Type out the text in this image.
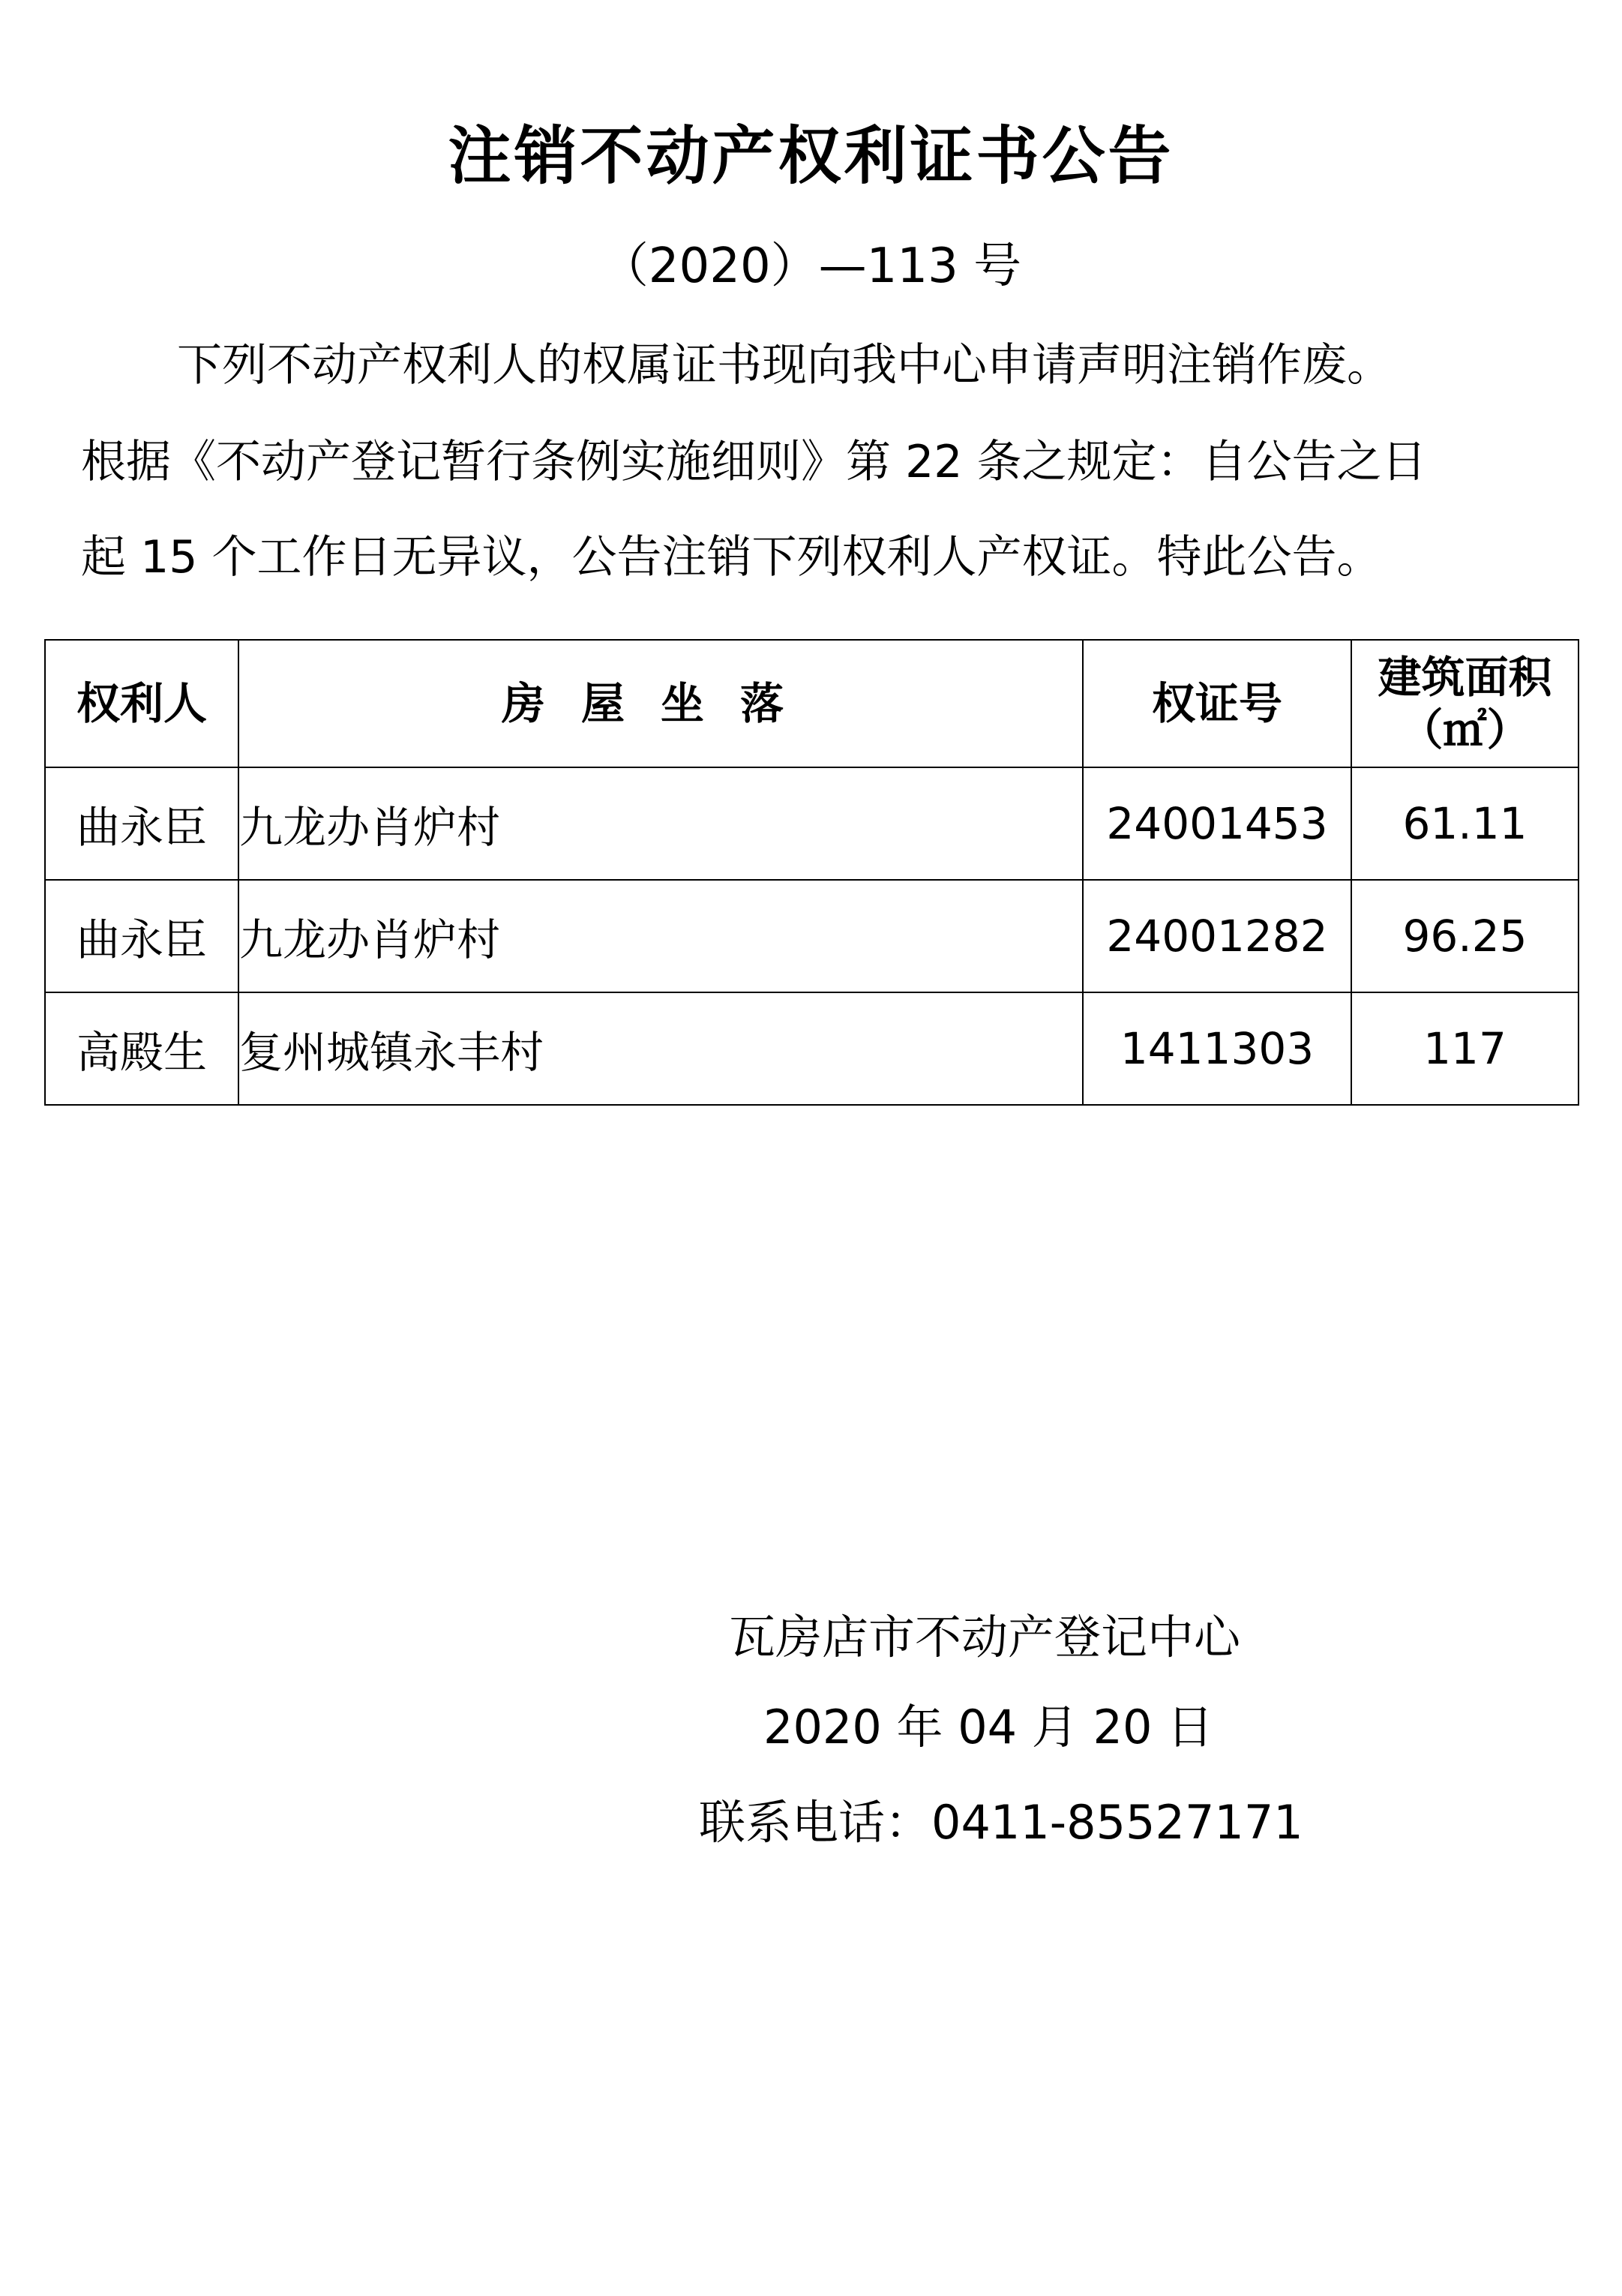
注销不动产权利证书公告
（2020）—113 号
下列不动产权利人的权属证书现向我中心申请声明注销作废。
根据《不动产登记暂行条例实施细则》第 22 条之规定：自公告之日
起 15 个工作日无异议，公告注销下列权利人产权证。特此公告。
权利人	房屋坐落	权证号	建筑面积
（㎡）

曲永臣	九龙办肖炉村	24001453	61.11
曲永臣	九龙办肖炉村	24001282	96.25
高殿生	复州城镇永丰村	1411303	117
瓦房店市不动产登记中心
2020 年 04 月 20 日
联系电话：0411-85527171
